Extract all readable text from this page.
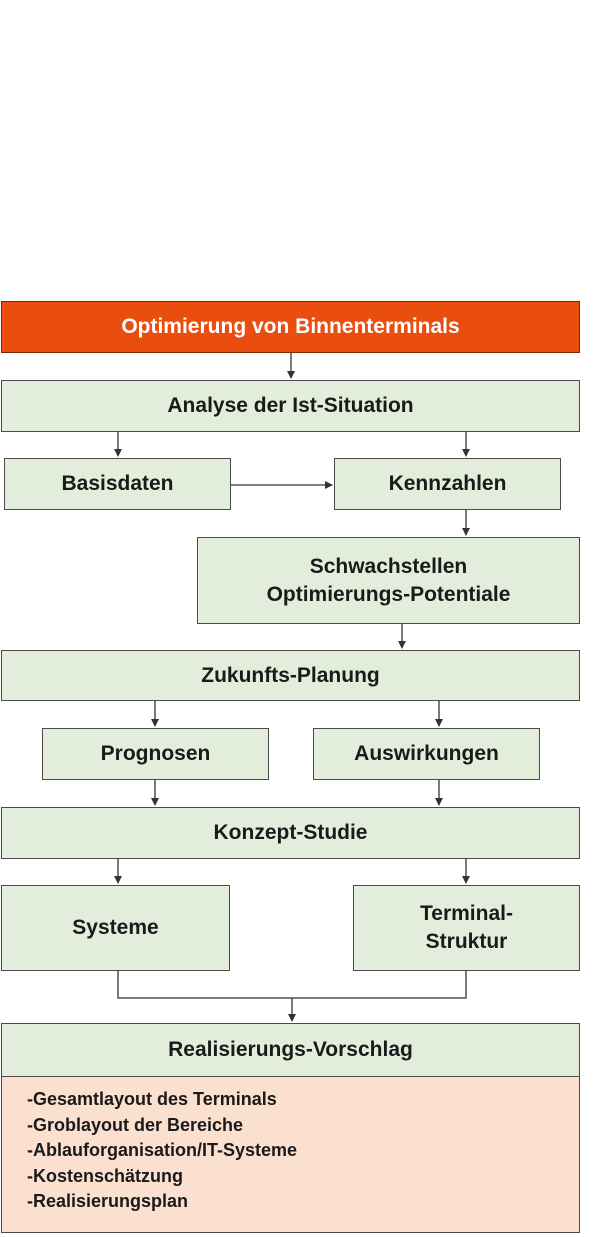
Optimierung von Binnenterminals
Analyse der Ist-Situation
Basisdaten	Kennzahlen
Schwachstellen
Optimierungs-Potentiale
Zukunfts-Planung
Prognosen	Auswirkungen
Konzept-Studie
Systeme
Terminal-
Struktur
Realisierungs-Vorschlag
-Gesamtlayout des Terminals
-Groblayout der Bereiche
-Ablauforganisation/IT-Systeme
-Kostenschätzung
-Realisierungsplan
